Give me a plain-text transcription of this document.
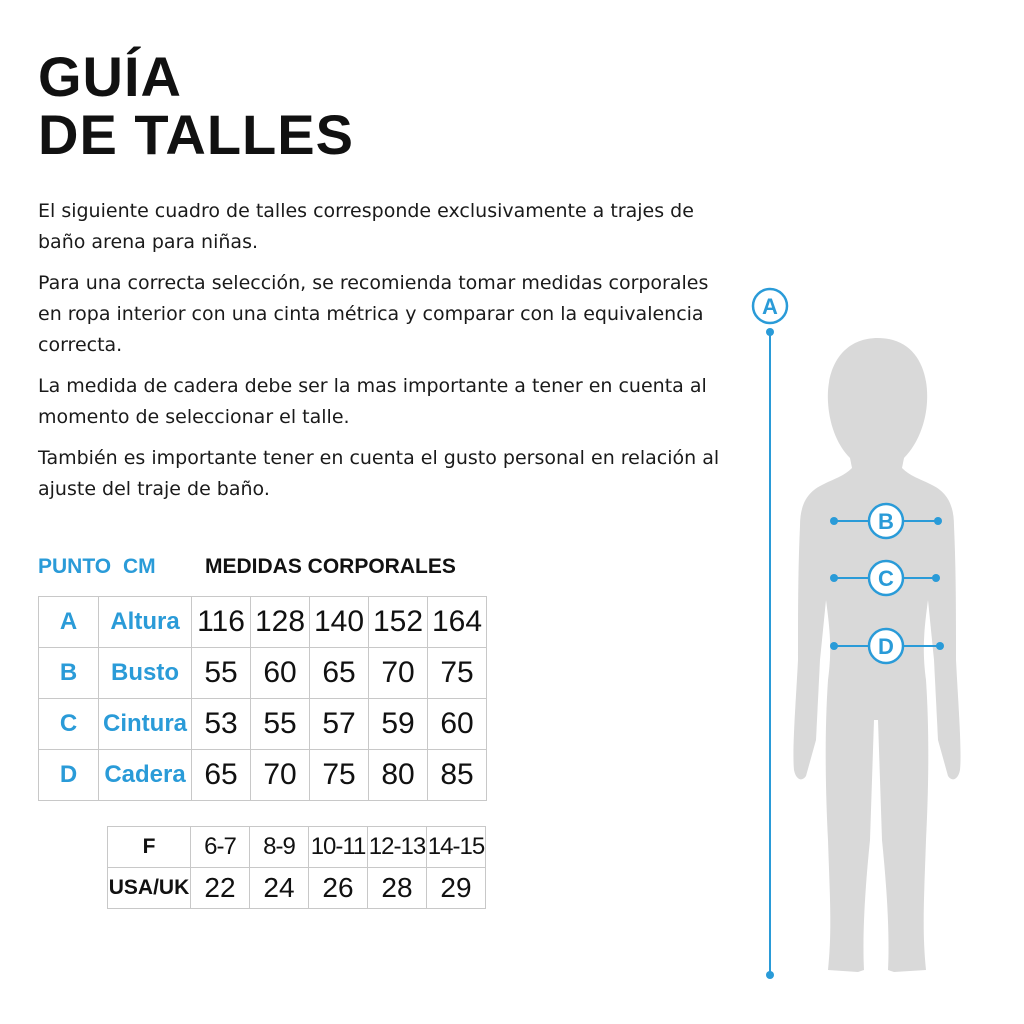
GUÍA
DE TALLES

El siguiente cuadro de talles corresponde exclusivamente a trajes de baño arena para niñas.

Para una correcta selección, se recomienda tomar medidas corporales en ropa interior con una cinta métrica y comparar con la equivalencia correcta.

La medida de cadera debe ser la mas importante a tener en cuenta al momento de seleccionar el talle.

También es importante tener en cuenta el gusto personal en relación al ajuste del traje de baño.

PUNTO CM MEDIDAS CORPORALES
A	Altura	116	128	140	152	164
B	Busto	55	60	65	70	75
C	Cintura	53	55	57	59	60
D	Cadera	65	70	75	80	85
F	6-7	8-9	10-11	12-13	14-15
USA/UK	22	24	26	28	29
A
B
C
D
